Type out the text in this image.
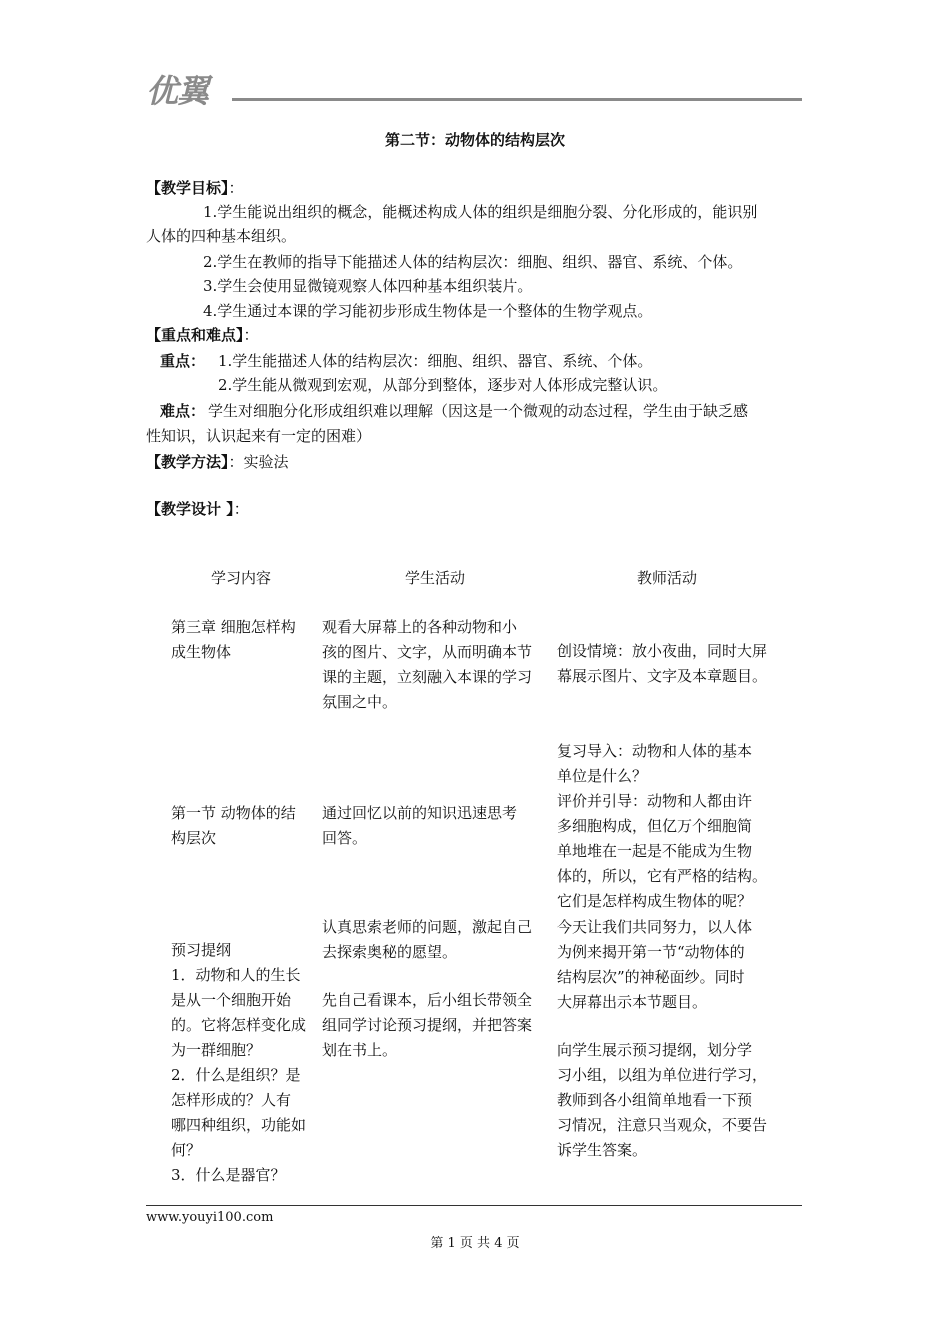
优翼
第二节：动物体的结构层次
【教学目标】：
1.学生能说出组织的概念，能概述构成人体的组织是细胞分裂、分化形成的，能识别
人体的四种基本组织。
2.学生在教师的指导下能描述人体的结构层次：细胞、组织、器官、系统、个体。
3.学生会使用显微镜观察人体四种基本组织装片。
4.学生通过本课的学习能初步形成生物体是一个整体的生物学观点。
【重点和难点】：
重点： 1.学生能描述人体的结构层次：细胞、组织、器官、系统、个体。
2.学生能从微观到宏观，从部分到整体，逐步对人体形成完整认识。
难点： 学生对细胞分化形成组织难以理解（因这是一个微观的动态过程，学生由于缺乏感
性知识，认识起来有一定的困难）
【教学方法】：实验法
【教学设计 】：
学习内容	学生活动	教师活动
第三章 细胞怎样构
成生物体
第一节 动物体的结
构层次
预习提纲
1．动物和人的生长
是从一个细胞开始
的。它将怎样变化成
为一群细胞？
2．什么是组织？是
怎样形成的？人有
哪四种组织，功能如
何？
3．什么是器官？
观看大屏幕上的各种动物和小
孩的图片、文字，从而明确本节
课的主题，立刻融入本课的学习
氛围之中。
通过回忆以前的知识迅速思考
回答。
认真思索老师的问题，激起自己
去探索奥秘的愿望。
先自己看课本，后小组长带领全
组同学讨论预习提纲，并把答案
划在书上。
创设情境：放小夜曲，同时大屏
幕展示图片、文字及本章题目。
复习导入：动物和人体的基本
单位是什么？
评价并引导：动物和人都由许
多细胞构成，但亿万个细胞简
单地堆在一起是不能成为生物
体的，所以，它有严格的结构。
它们是怎样构成生物体的呢？
今天让我们共同努力，以人体
为例来揭开第一节“动物体的
结构层次”的神秘面纱。同时
大屏幕出示本节题目。
向学生展示预习提纲，划分学
习小组，以组为单位进行学习，
教师到各小组简单地看一下预
习情况，注意只当观众，不要告
诉学生答案。
www.youyi100.com
第 1 页 共 4 页
